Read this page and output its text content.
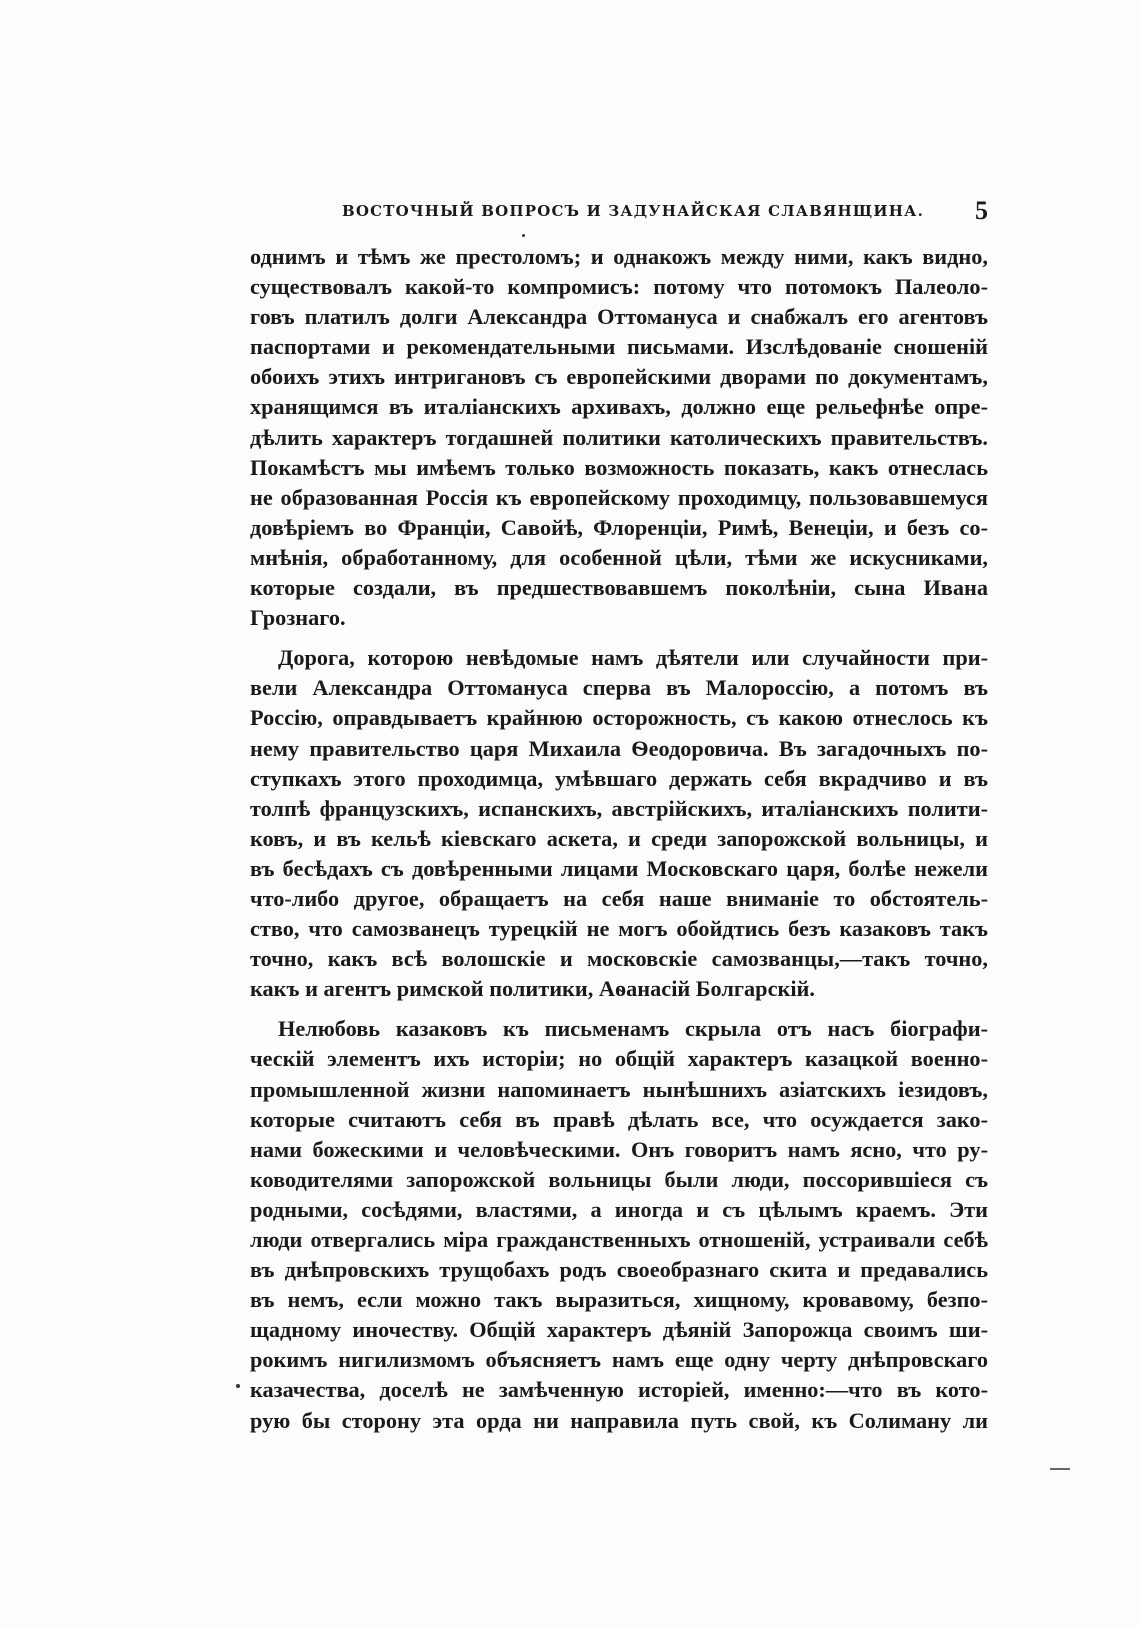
ВОСТОЧНЫЙ ВОПРОСЪ И ЗАДУНАЙСКАЯ СЛАВЯНЩИНА. 5
однимъ и тѣмъ же престоломъ; и однакожъ между ними, какъ видно,
существовалъ какой-то компромисъ: потому что потомокъ Палеоло-
говъ платилъ долги Александра Оттомануса и снабжалъ его агентовъ
паспортами и рекомендательными письмами. Изслѣдованіе сношеній
обоихъ этихъ интригановъ съ европейскими дворами по документамъ,
хранящимся въ италіанскихъ архивахъ, должно еще рельефнѣе опре-
дѣлить характеръ тогдашней политики католическихъ правительствъ.
Покамѣстъ мы имѣемъ только возможность показать, какъ отнеслась
не образованная Россія къ европейскому проходимцу, пользовавшемуся
довѣріемъ во Франціи, Савойѣ, Флоренціи, Римѣ, Венеціи, и безъ со-
мнѣнія, обработанному, для особенной цѣли, тѣми же искусниками,
которые создали, въ предшествовавшемъ поколѣніи, сына Ивана
Грознаго.
Дорога, которою невѣдомые намъ дѣятели или случайности при-
вели Александра Оттомануса сперва въ Малороссію, а потомъ въ
Россію, оправдываетъ крайнюю осторожность, съ какою отнеслось къ
нему правительство царя Михаила Ѳеодоровича. Въ загадочныхъ по-
ступкахъ этого проходимца, умѣвшаго держать себя вкрадчиво и въ
толпѣ французскихъ, испанскихъ, австрійскихъ, италіанскихъ полити-
ковъ, и въ кельѣ кіевскаго аскета, и среди запорожской вольницы, и
въ бесѣдахъ съ довѣренными лицами Московскаго царя, болѣе нежели
что-либо другое, обращаетъ на себя наше вниманіе то обстоятель-
ство, что самозванецъ турецкій не могъ обойдтись безъ казаковъ такъ
точно, какъ всѣ волошскіе и московскіе самозванцы,—такъ точно,
какъ и агентъ римской политики, Аѳанасій Болгарскій.
Нелюбовь казаковъ къ письменамъ скрыла отъ насъ біографи-
ческій элементъ ихъ исторіи; но общій характеръ казацкой военно-
промышленной жизни напоминаетъ нынѣшнихъ азіатскихъ іезидовъ,
которые считаютъ себя въ правѣ дѣлать все, что осуждается зако-
нами божескими и человѣческими. Онъ говоритъ намъ ясно, что ру-
ководителями запорожской вольницы были люди, поссорившіеся съ
родными, сосѣдями, властями, а иногда и съ цѣлымъ краемъ. Эти
люди отвергались міра гражданственныхъ отношеній, устраивали себѣ
въ днѣпровскихъ трущобахъ родъ своеобразнаго скита и предавались
въ немъ, если можно такъ выразиться, хищному, кровавому, безпо-
щадному иночеству. Общій характеръ дѣяній Запорожца своимъ ши-
рокимъ нигилизмомъ объясняетъ намъ еще одну черту днѣпровскаго
казачества, доселѣ не замѣченную исторіей, именно:—что въ кото-
рую бы сторону эта орда ни направила путь свой, къ Солиману ли
